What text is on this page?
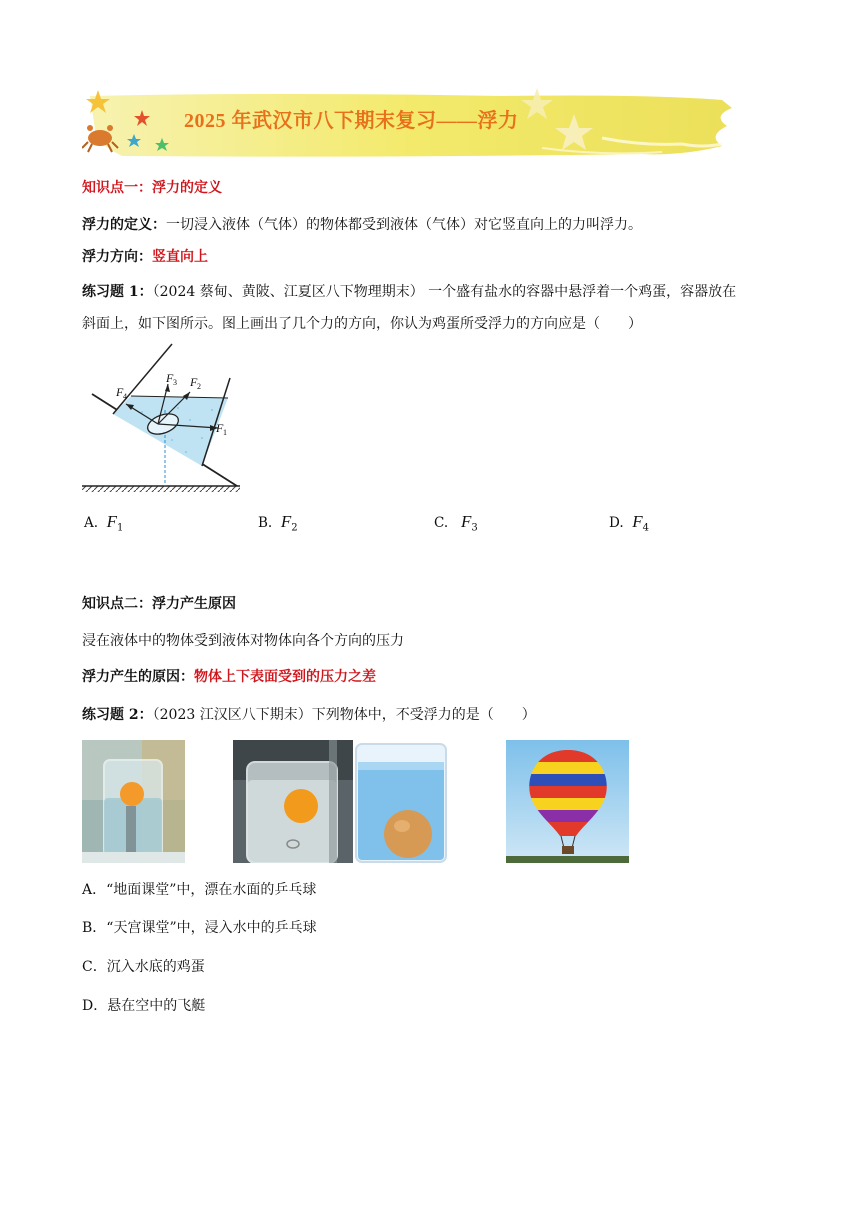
2025 年武汉市八下期末复习——浮力
知识点一：浮力的定义
浮力的定义：一切浸入液体（气体）的物体都受到液体（气体）对它竖直向上的力叫浮力。
浮力方向：竖直向上
练习题 1：（2024 蔡甸、黄陂、江夏区八下物理期末） 一个盛有盐水的容器中悬浮着一个鸡蛋，容器放在
斜面上，如下图所示。图上画出了几个力的方向，你认为鸡蛋所受浮力的方向应是（　　）
F
F F
F
4
3	2
1
A. $F_1$	B. $F_2$	C. $F_3$	D. $F_4$
知识点二：浮力产生原因
浸在液体中的物体受到液体对物体向各个方向的压力
浮力产生的原因：物体上下表面受到的压力之差
练习题 2：（2023 江汉区八下期末）下列物体中，不受浮力的是（　　）
A．“地面课堂”中，漂在水面的乒乓球
B．“天宫课堂”中，浸入水中的乒乓球
C．沉入水底的鸡蛋
D．悬在空中的飞艇
